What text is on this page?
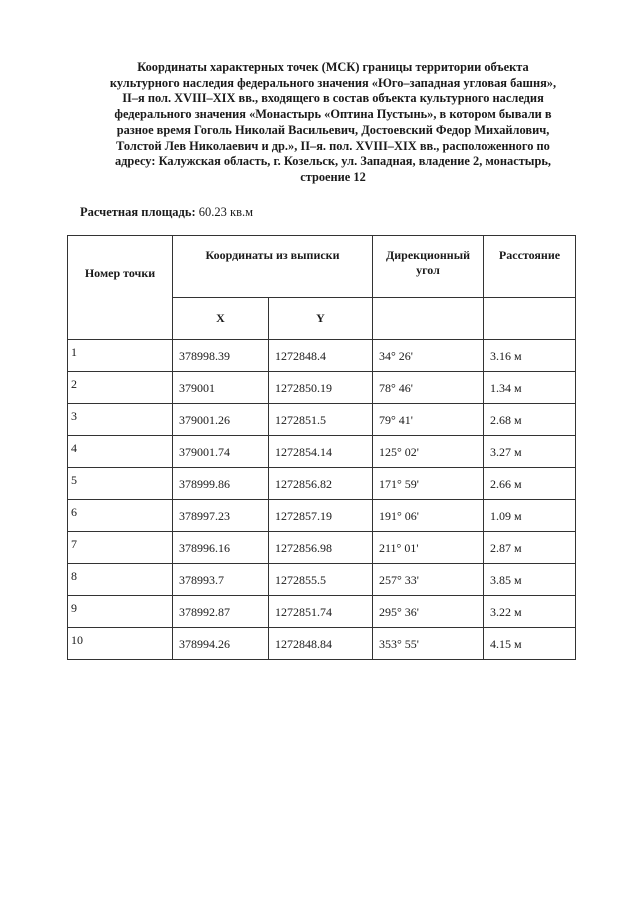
Координаты характерных точек (МСК) границы территории объекта
культурного наследия федерального значения «Юго–западная угловая башня»,
II–я пол. XVIII–XIX вв., входящего в состав объекта культурного наследия
федерального значения «Монастырь «Оптина Пустынь», в котором бывали в
разное время Гоголь Николай Васильевич, Достоевский Федор Михайлович,
Толстой Лев Николаевич и др.», II–я. пол. XVIII–XIX вв., расположенного по
адресу: Калужская область, г. Козельск, ул. Западная, владение 2, монастырь,
строение 12
Расчетная площадь: 60.23 кв.м
Номер точки	Координаты из выписки		Дирекционный угол	Расстояние
	X	Y		
1	378998.39	1272848.4	34° 26'	3.16 м
2	379001	1272850.19	78° 46'	1.34 м
3	379001.26	1272851.5	79° 41'	2.68 м
4	379001.74	1272854.14	125° 02'	3.27 м
5	378999.86	1272856.82	171° 59'	2.66 м
6	378997.23	1272857.19	191° 06'	1.09 м
7	378996.16	1272856.98	211° 01'	2.87 м
8	378993.7	1272855.5	257° 33'	3.85 м
9	378992.87	1272851.74	295° 36'	3.22 м
10	378994.26	1272848.84	353° 55'	4.15 м
